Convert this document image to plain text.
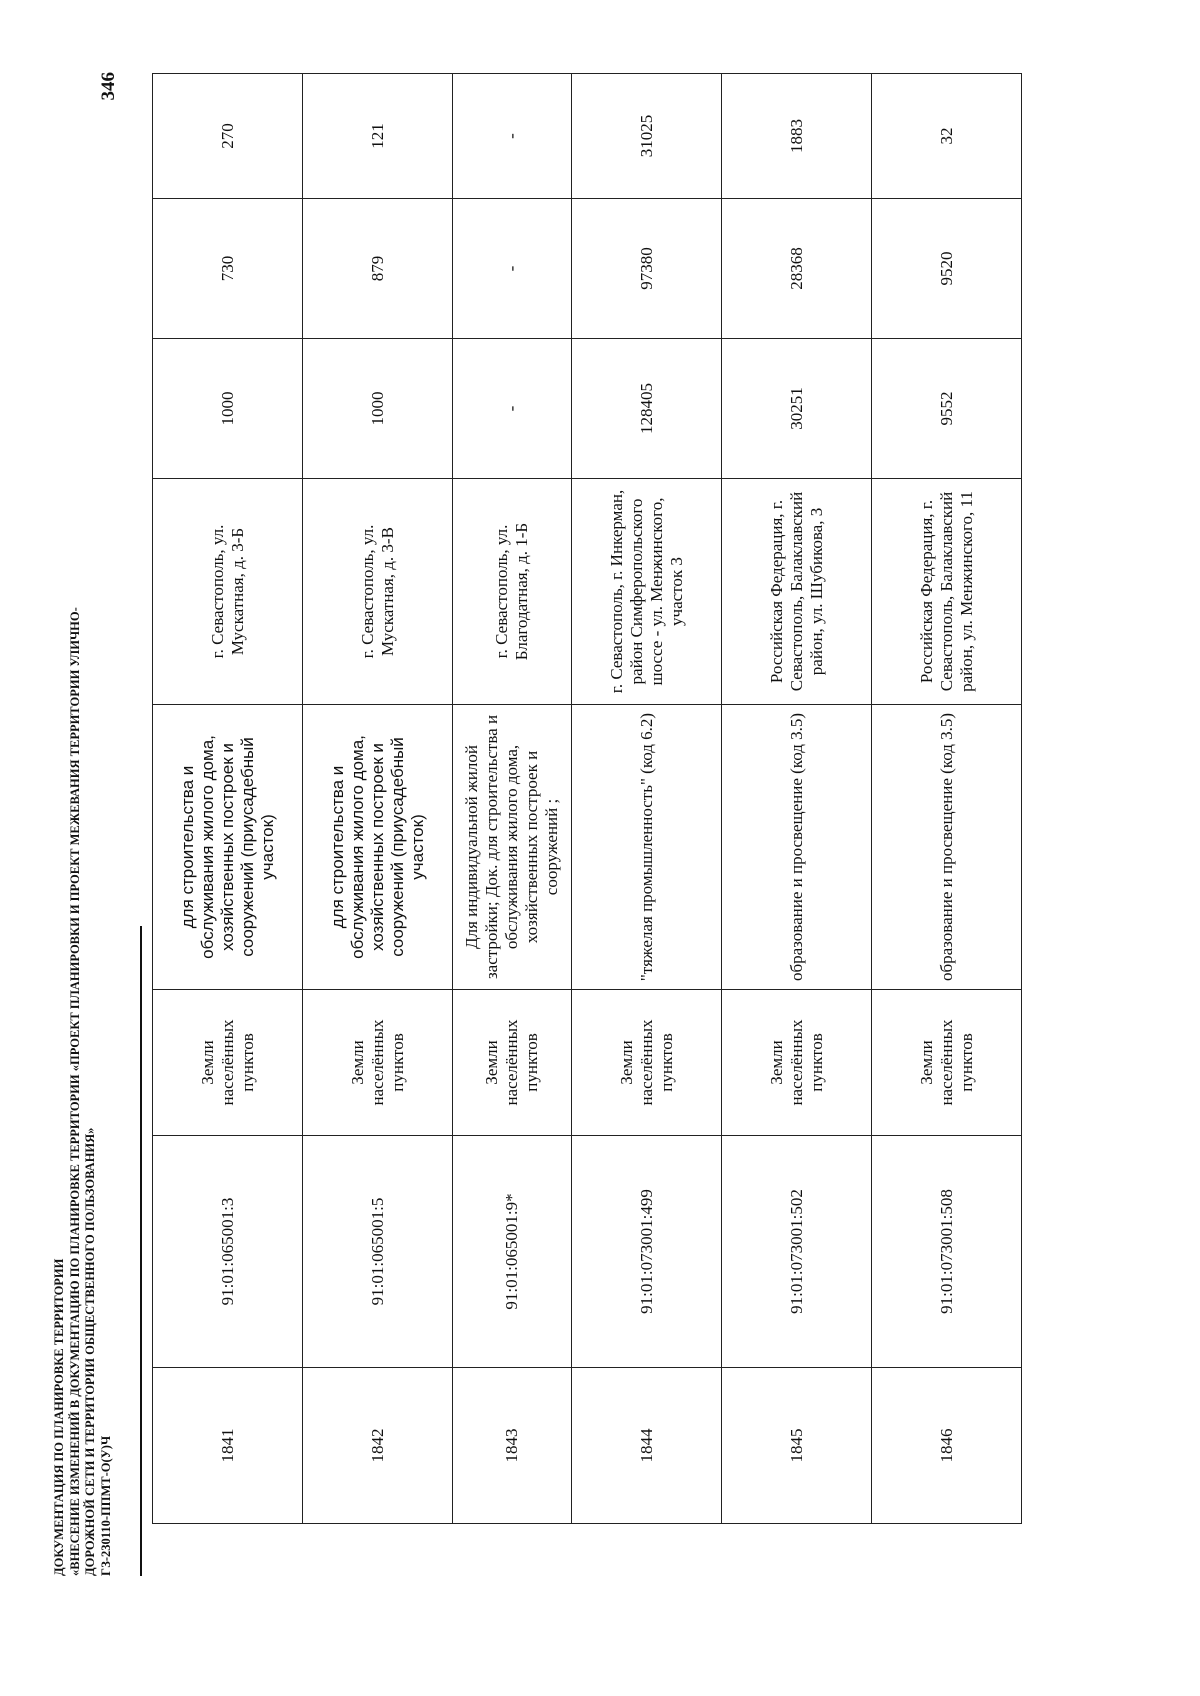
ДОКУМЕНТАЦИЯ ПО ПЛАНИРОВКЕ ТЕРРИТОРИИ «ВНЕСЕНИЕ ИЗМЕНЕНИЙ В ДОКУМЕНТАЦИЮ ПО ПЛАНИРОВКЕ ТЕРРИТОРИИ «ПРОЕКТ ПЛАНИРОВКИ И ПРОЕКТ МЕЖЕВАНИЯ ТЕРРИТОРИИ УЛИЧНО- ДОРОЖНОЙ СЕТИ И ТЕРРИТОРИИ ОБЩЕСТВЕННОГО ПОЛЬЗОВАНИЯ» ГЗ-230110-ППМТ-О(У)Ч
346
1841	91:01:065001:3	Земли населённых пунктов	для строительства и обслуживания жилого дома, хозяйственных построек и сооружений (приусадебный участок)	г. Севастополь, ул. Мускатная, д. 3-Б	1000	730	270
1842	91:01:065001:5	Земли населённых пунктов	для строительства и обслуживания жилого дома, хозяйственных построек и сооружений (приусадебный участок)	г. Севастополь, ул. Мускатная, д. 3-В	1000	879	121
1843	91:01:065001:9*	Земли населённых пунктов	Для индивидуальной жилой застройки; Док. для строительства и обслуживания жилого дома, хозяйственных построек и сооружений ;	г. Севастополь, ул. Благодатная, д. 1-Б	-	-	-
1844	91:01:073001:499	Земли населённых пунктов	"тяжелая промышленность" (код 6.2)	г. Севастополь, г. Инкерман, район Симферопольского шоссе - ул. Менжинского, участок 3	128405	97380	31025
1845	91:01:073001:502	Земли населённых пунктов	образование и просвещение (код 3.5)	Российская Федерация, г. Севастополь, Балаклавский район, ул. Шубикова, 3	30251	28368	1883
1846	91:01:073001:508	Земли населённых пунктов	образование и просвещение (код 3.5)	Российская Федерация, г. Севастополь, Балаклавский район, ул. Менжинского, 11	9552	9520	32
